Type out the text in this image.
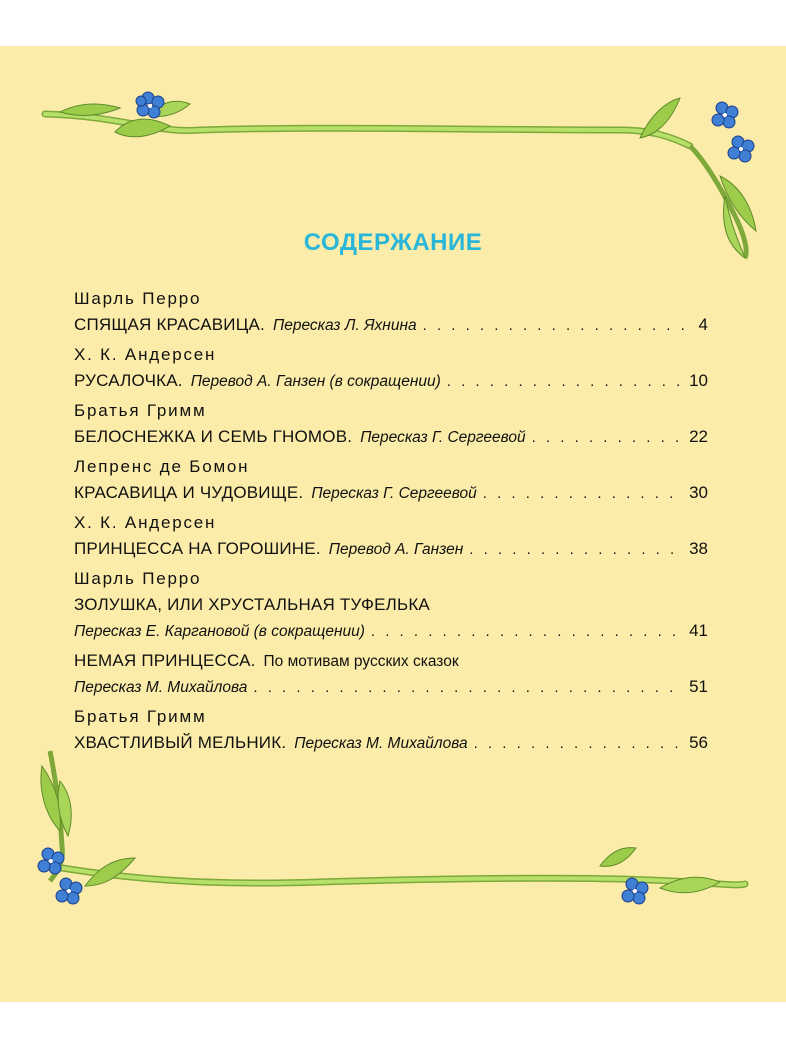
СОДЕРЖАНИЕ
Шарль Перро
СПЯЩАЯ КРАСАВИЦА. Пересказ Л. Яхнина . . .	4
Х. К. Андерсен
РУСАЛОЧКА. Перевод А. Ганзен (в сокращении) . . .	10
Братья Гримм
БЕЛОСНЕЖКА И СЕМЬ ГНОМОВ. Пересказ Г. Сергеевой . . .	22
Лепренс де Бомон
КРАСАВИЦА И ЧУДОВИЩЕ. Пересказ Г. Сергеевой . . .	30
Х. К. Андерсен
ПРИНЦЕССА НА ГОРОШИНЕ. Перевод А. Ганзен . . .	38
Шарль Перро
ЗОЛУШКА, ИЛИ ХРУСТАЛЬНАЯ ТУФЕЛЬКА
Пересказ Е. Каргановой (в сокращении) . . .	41
НЕМАЯ ПРИНЦЕССА. По мотивам русских сказок
Пересказ М. Михайлова . . .	51
Братья Гримм
ХВАСТЛИВЫЙ МЕЛЬНИК. Пересказ М. Михайлова . . .	56
